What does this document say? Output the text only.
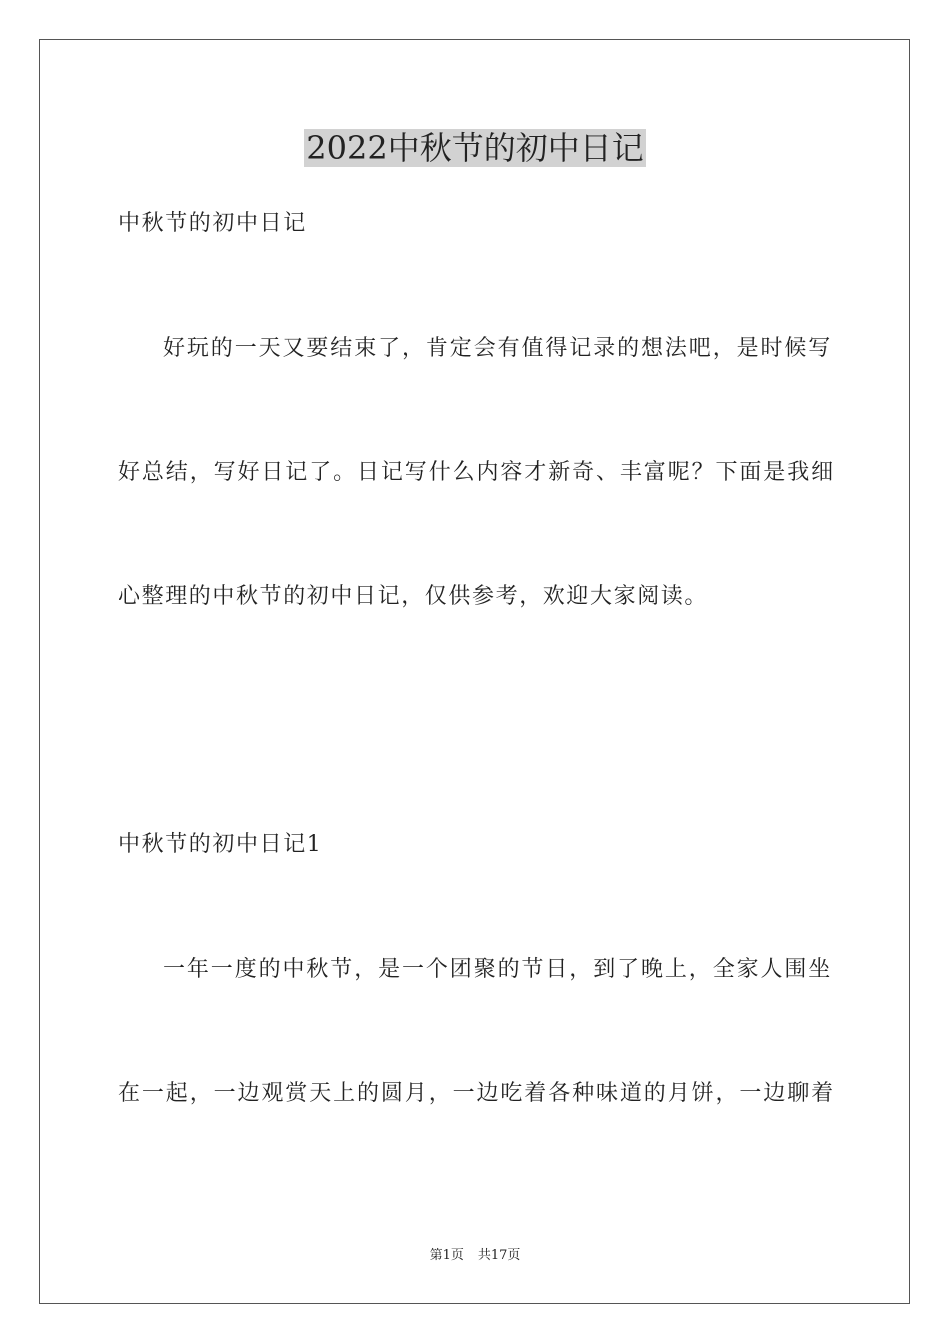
2022中秋节的初中日记
中秋节的初中日记
好玩的一天又要结束了，肯定会有值得记录的想法吧，是时候写
好总结，写好日记了。日记写什么内容才新奇、丰富呢？下面是我细
心整理的中秋节的初中日记，仅供参考，欢迎大家阅读。
中秋节的初中日记1
一年一度的中秋节，是一个团聚的节日，到了晚上，全家人围坐
在一起，一边观赏天上的圆月，一边吃着各种味道的月饼，一边聊着
第1页 共17页
